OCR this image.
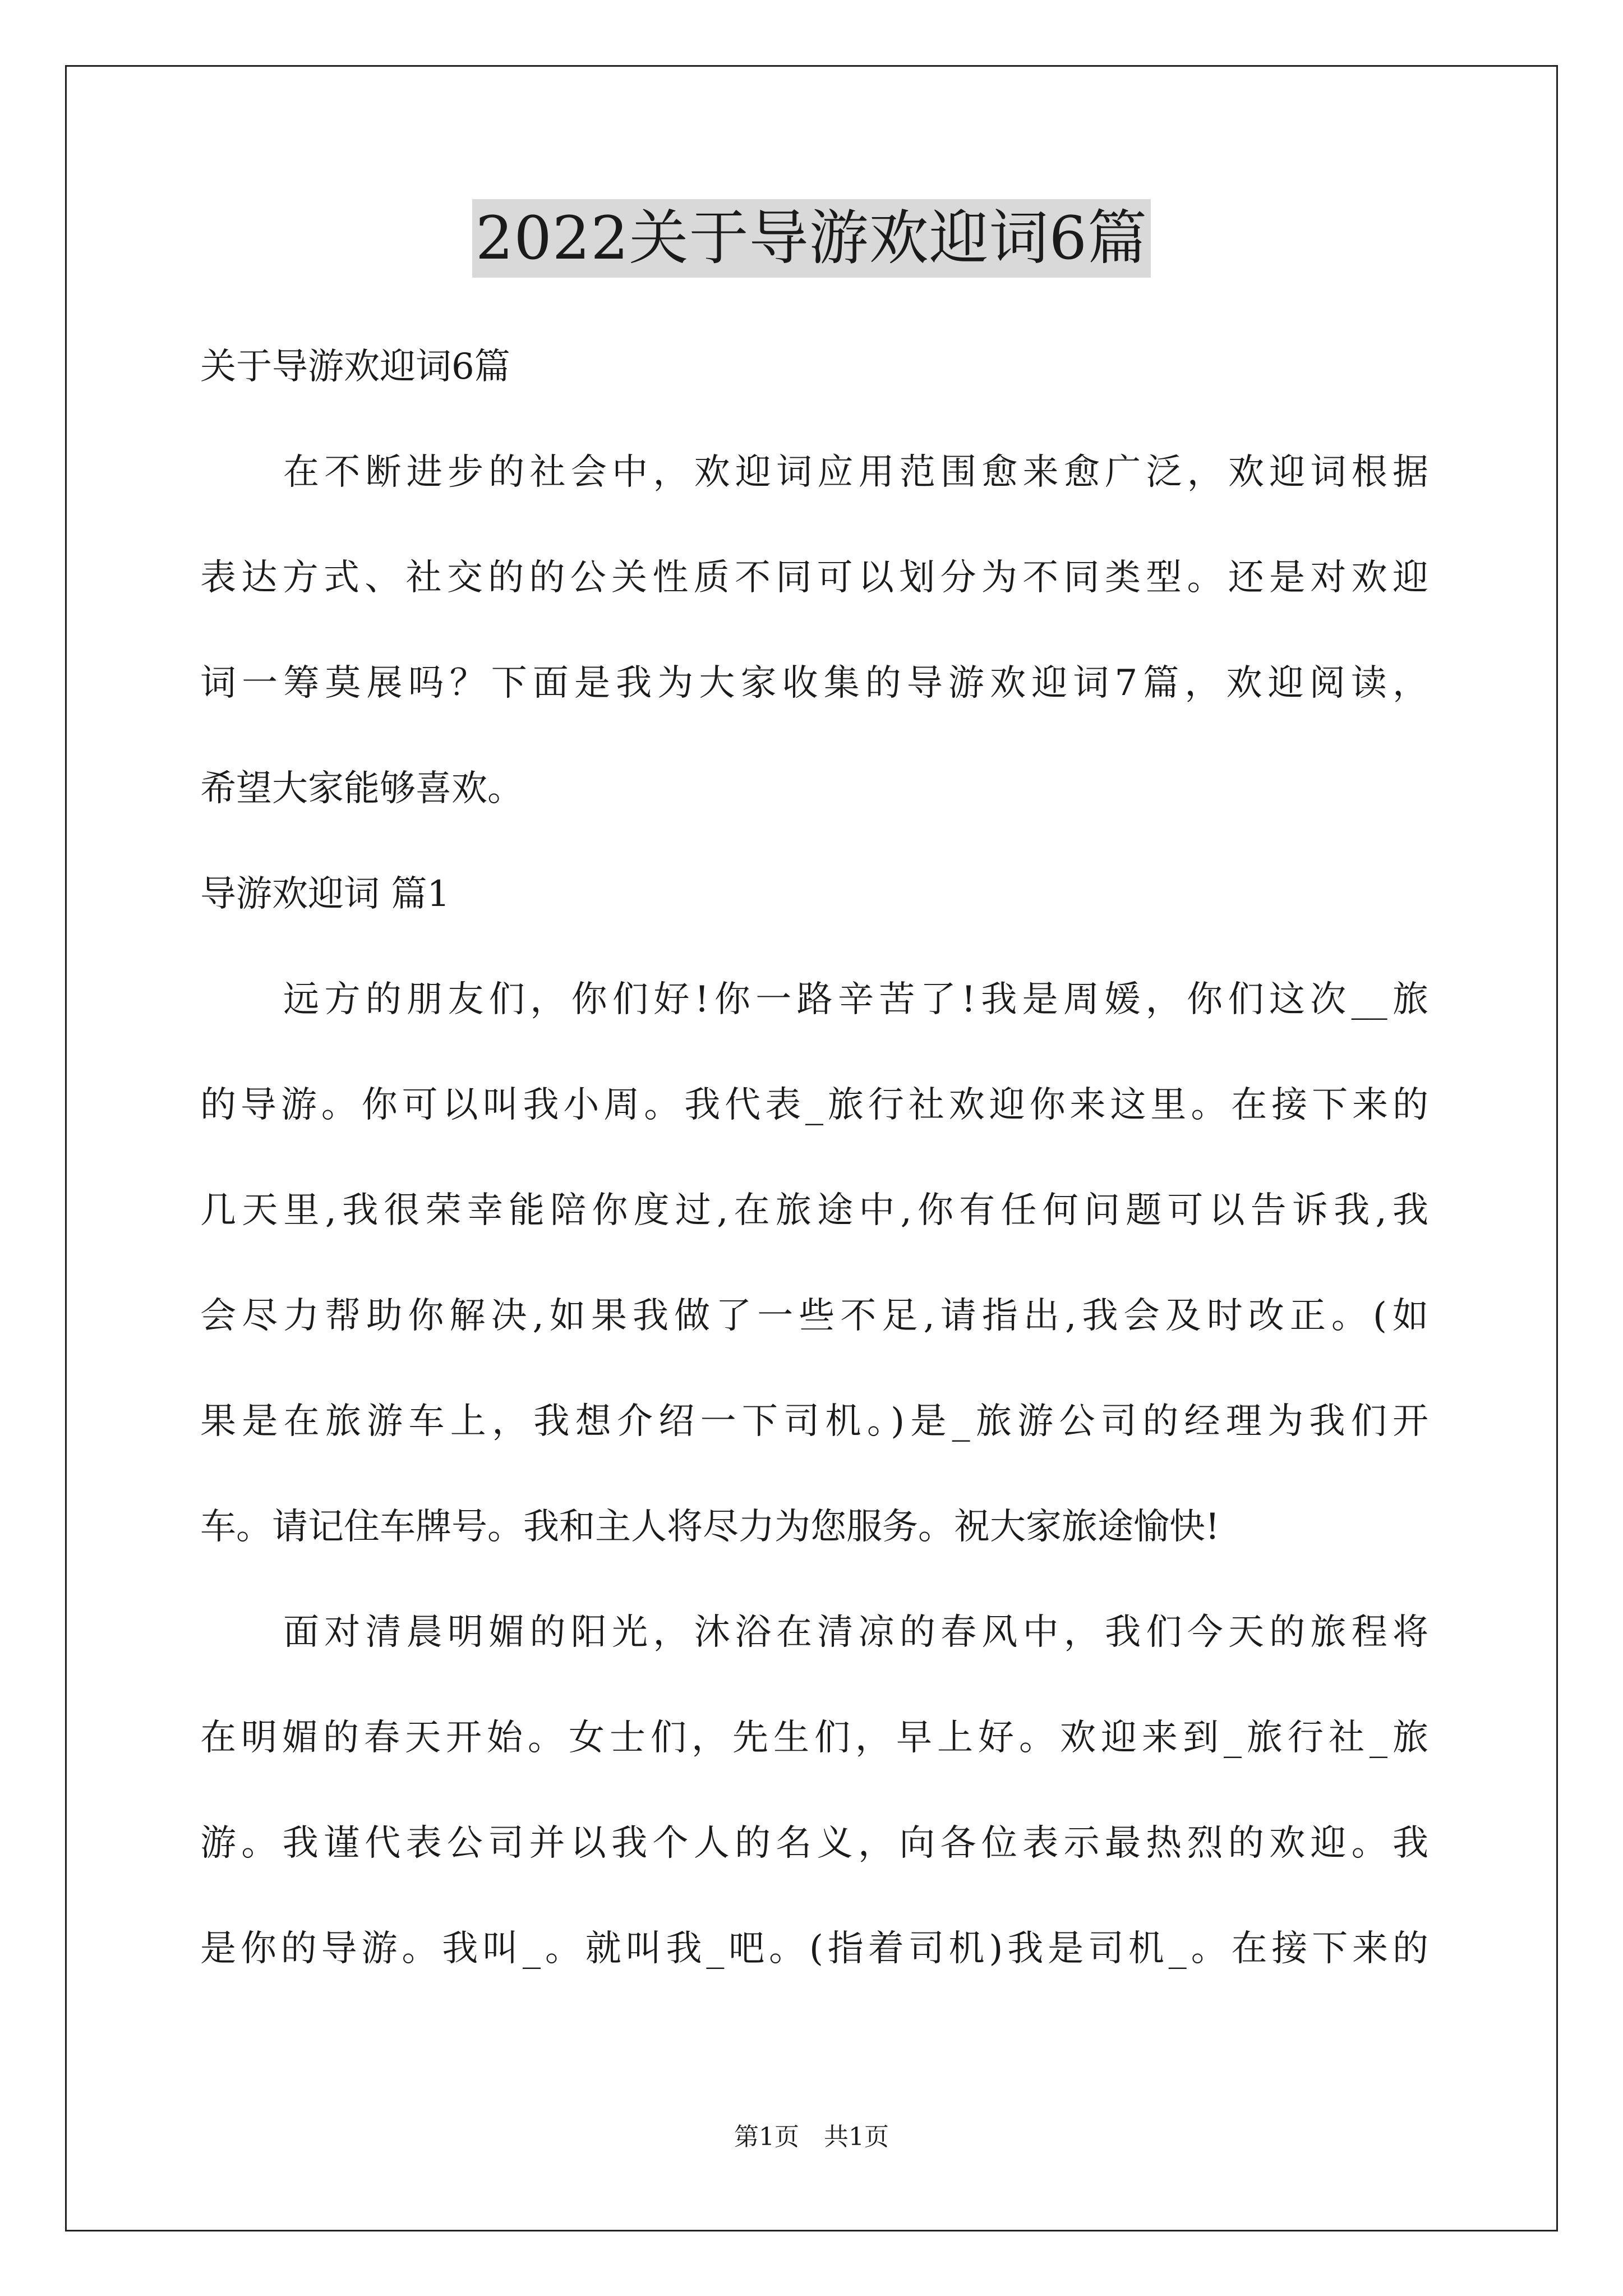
2022关于导游欢迎词6篇
关于导游欢迎词6篇
在不断进步的社会中，欢迎词应用范围愈来愈广泛，欢迎词根据
表达方式、社交的的公关性质不同可以划分为不同类型。还是对欢迎
词一筹莫展吗？下面是我为大家收集的导游欢迎词7篇，欢迎阅读，
希望大家能够喜欢。
导游欢迎词 篇1
远方的朋友们，你们好!你一路辛苦了!我是周媛，你们这次__旅
的导游。你可以叫我小周。我代表_旅行社欢迎你来这里。在接下来的
几天里,我很荣幸能陪你度过,在旅途中,你有任何问题可以告诉我,我
会尽力帮助你解决,如果我做了一些不足,请指出,我会及时改正。(如
果是在旅游车上，我想介绍一下司机。)是_旅游公司的经理为我们开
车。请记住车牌号。我和主人将尽力为您服务。祝大家旅途愉快!
面对清晨明媚的阳光，沐浴在清凉的春风中，我们今天的旅程将
在明媚的春天开始。女士们，先生们，早上好。欢迎来到_旅行社_旅
游。我谨代表公司并以我个人的名义，向各位表示最热烈的欢迎。我
是你的导游。我叫_。就叫我_吧。(指着司机)我是司机_。在接下来的
第1页　共1页
